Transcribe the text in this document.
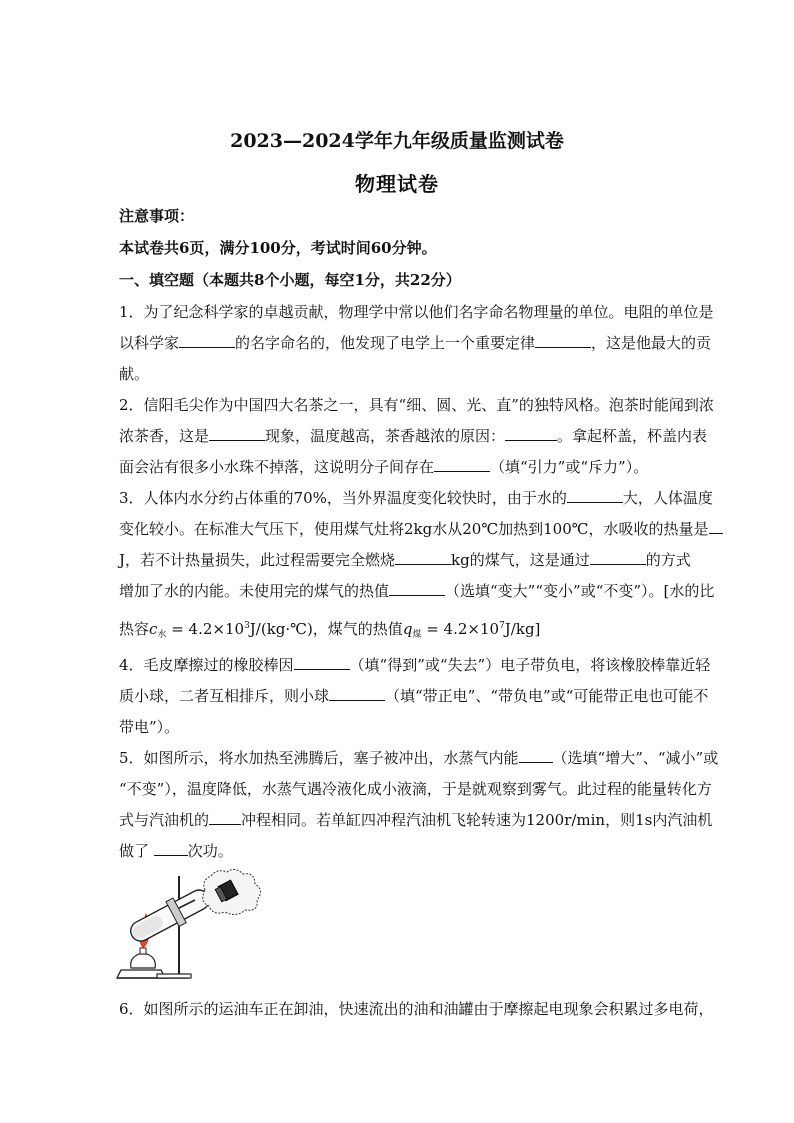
2023—2024学年九年级质量监测试卷
物理试卷
注意事项：
本试卷共6页，满分100分，考试时间60分钟。
一、填空题（本题共8个小题，每空1分，共22分）
1．为了纪念科学家的卓越贡献，物理学中常以他们名字命名物理量的单位。电阻的单位是
以科学家	的名字命名的，他发现了电学上一个重要定律	，这是他最大的贡
献。
2．信阳毛尖作为中国四大名茶之一，具有“细、圆、光、直”的独特风格。泡茶时能闻到浓
浓茶香，这是	现象，温度越高，茶香越浓的原因：	。拿起杯盖，杯盖内表
面会沾有很多小水珠不掉落，这说明分子间存在	（填“引力”或“斥力”）。
3．人体内水分约占体重的70%，当外界温度变化较快时，由于水的	大，人体温度
变化较小。在标准大气压下，使用煤气灶将2kg水从20℃加热到100℃，水吸收的热量是
J，若不计热量损失，此过程需要完全燃烧	kg的煤气，这是通过	的方式
增加了水的内能。未使用完的煤气的热值	（选填“变大”“变小”或“不变”）。[水的比
热容$c_水$ = $4.2\times 10^3J/(kg\cdot℃)$，煤气的热值$q_煤 = 4.2\times 10^7J/kg$]
4．毛皮摩擦过的橡胶棒因	（填“得到”或“失去”）电子带负电，将该橡胶棒靠近轻
质小球，二者互相排斥，则小球	（填“带正电”、“带负电”或“可能带正电也可能不
带电”）。
5．如图所示，将水加热至沸腾后，塞子被冲出，水蒸气内能 （选填“增大”、“减小”或
“不变”），温度降低，水蒸气遇冷液化成小液滴，于是就观察到雾气。此过程的能量转化方
式与汽油机的 冲程相同。若单缸四冲程汽油机飞轮转速为1200r/min，则1s内汽油机
做了 次功。
6．如图所示的运油车正在卸油，快速流出的油和油罐由于摩擦起电现象会积累过多电荷，
